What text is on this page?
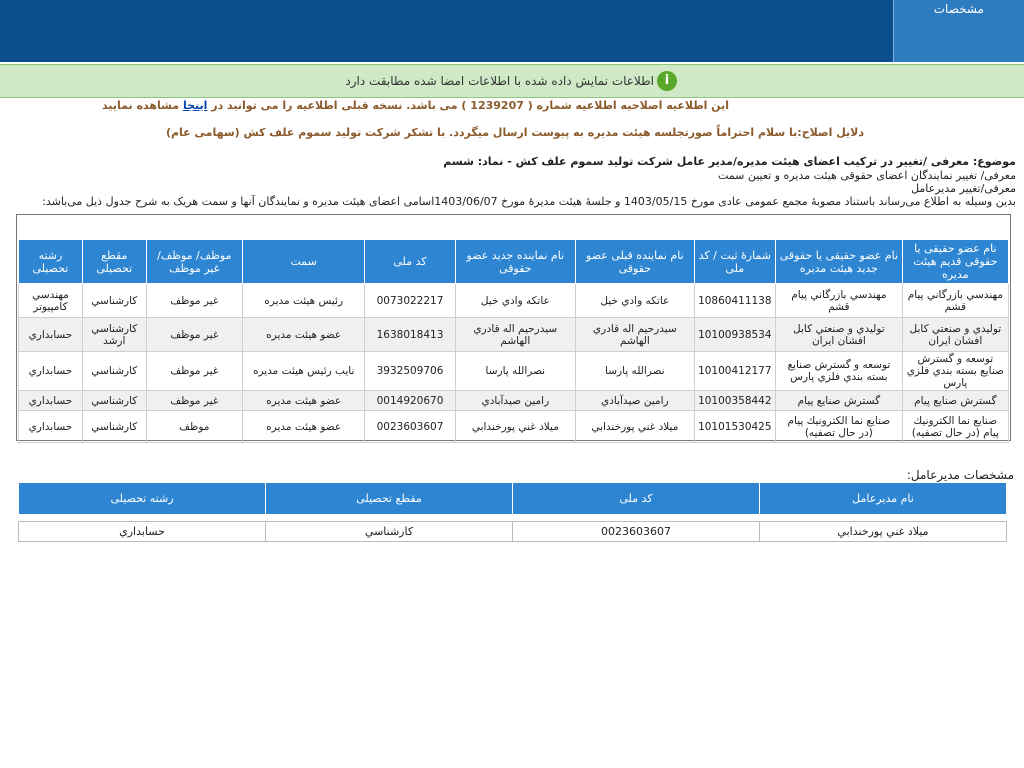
مشخصات
i
اطلاعات نمایش داده شده با اطلاعات امضا شده مطابقت دارد
این اطلاعیه اصلاحیه اطلاعیه شماره ( 1239207 ) می باشد. نسخه قبلی اطلاعیه را می توانید در اینجا مشاهده نمایید
دلایل اصلاح:با سلام احتراماً صورتجلسه هیئت مدیره به پیوست ارسال میگردد. با تشکر شرکت تولید سموم علف کش (سهامی عام)
موضوع: معرفی /تغییر در ترکیب اعضای هیئت مدیره/مدیر عامل شرکت تولید سموم علف کش - نماد: شسم
معرفی/ تغییر نمایندگان اعضای حقوقی هیئت مدیره و تعیین سمت
معرفی/تغییر مدیرعامل
بدین وسیله به اطلاع می‌رساند باستناد مصوبهٔ مجمع عمومی عادی مورخ 1403/05/15 و جلسهٔ هیئت مدیرهٔ مورخ 1403/06/07اسامی اعضای هیئت مدیره و نمایندگان آنها و سمت هریک به شرح جدول ذیل می‌باشد:
نام عضو حقیقی یا حقوقی قدیم هیئت مدیره	نام عضو حقیقی یا حقوقی جدید هیئت مدیره	شمارهٔ ثبت / کد ملی	نام نماینده قبلی عضو حقوقی	نام نماینده جدید عضو حقوقی	کد ملی	سمت	موظف/ موظف/غیر موظف	مقطع تحصیلی	رشته تحصیلی
مهندسي بازرگاني پيام قشم	مهندسي بازرگاني پيام قشم	10860411138	عاتكه وادي خيل	عاتكه وادي خيل	0073022217	رئيس هيئت مديره	غیر موظف	كارشناسي	مهندسي كامپيوتر
توليدي و صنعتي كابل افشان ايران	توليدي و صنعتي كابل افشان ايران	10100938534	سيدرحيم اله قادري الهاشم	سيدرحيم اله قادري الهاشم	1638018413	عضو هيئت مديره	غیر موظف	كارشناسي ارشد	حسابداري
توسعه و گسترش صنايع بسته بندي فلزي پارس	توسعه و گسترش صنايع بسته بندي فلزي پارس	10100412177	نصرالله پارسا	نصرالله پارسا	3932509706	نايب رئيس هيئت مديره	غیر موظف	كارشناسي	حسابداري
گسترش صنايع پيام	گسترش صنايع پيام	10100358442	رامين صيدآبادي	رامين صيدآبادي	0014920670	عضو هيئت مديره	غیر موظف	كارشناسي	حسابداري
صنايع نما الكترونيك پيام (در حال تصفيه)	صنايع نما الكترونيك پيام (در حال تصفيه)	10101530425	ميلاد غني پورخندابي	ميلاد غني پورخندابي	0023603607	عضو هيئت مديره	موظف	كارشناسي	حسابداري
مشخصات مدیرعامل:
نام مدیرعامل	کد ملی	مقطع تحصیلی	رشته تحصیلی
ميلاد غني پورخندابي	0023603607	كارشناسي	حسابداري
